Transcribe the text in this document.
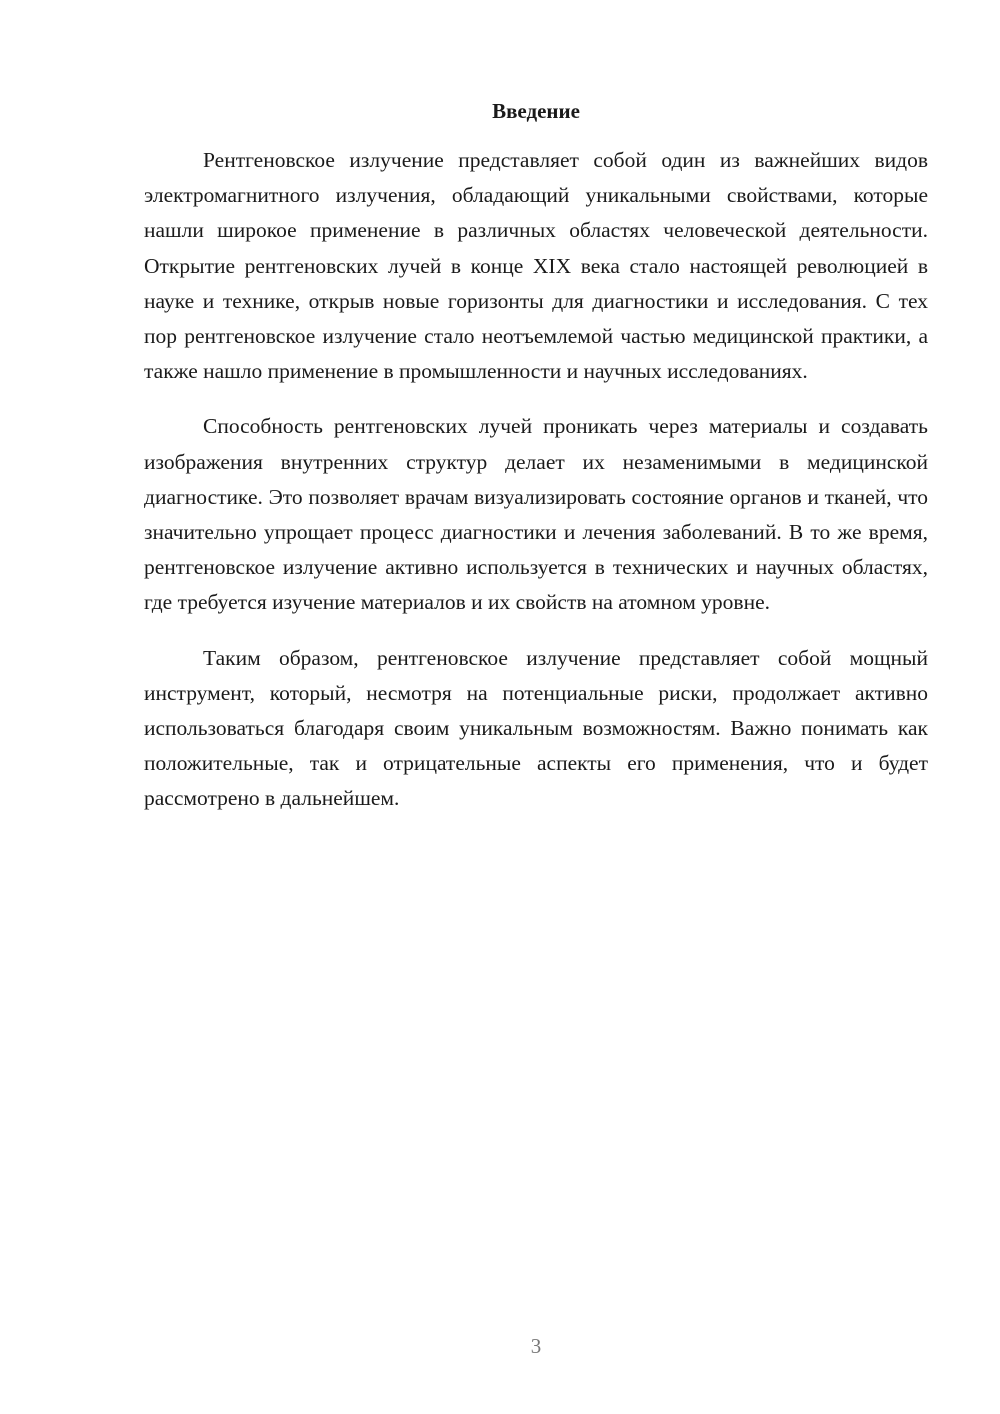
Введение

Рентгеновское излучение представляет собой один из важнейших видов электромагнитного излучения, обладающий уникальными свойствами, которые нашли широкое применение в различных областях человеческой деятельности. Открытие рентгеновских лучей в конце XIX века стало настоящей революцией в науке и технике, открыв новые горизонты для диагностики и исследования. С тех пор рентгеновское излучение стало неотъемлемой частью медицинской практики, а также нашло применение в промышленности и научных исследованиях.

Способность рентгеновских лучей проникать через материалы и создавать изображения внутренних структур делает их незаменимыми в медицинской диагностике. Это позволяет врачам визуализировать состояние органов и тканей, что значительно упрощает процесс диагностики и лечения заболеваний. В то же время, рентгеновское излучение активно используется в технических и научных областях, где требуется изучение материалов и их свойств на атомном уровне.

Таким образом, рентгеновское излучение представляет собой мощный инструмент, который, несмотря на потенциальные риски, продолжает активно использоваться благодаря своим уникальным возможностям. Важно понимать как положительные, так и отрицательные аспекты его применения, что и будет рассмотрено в дальнейшем.

3
